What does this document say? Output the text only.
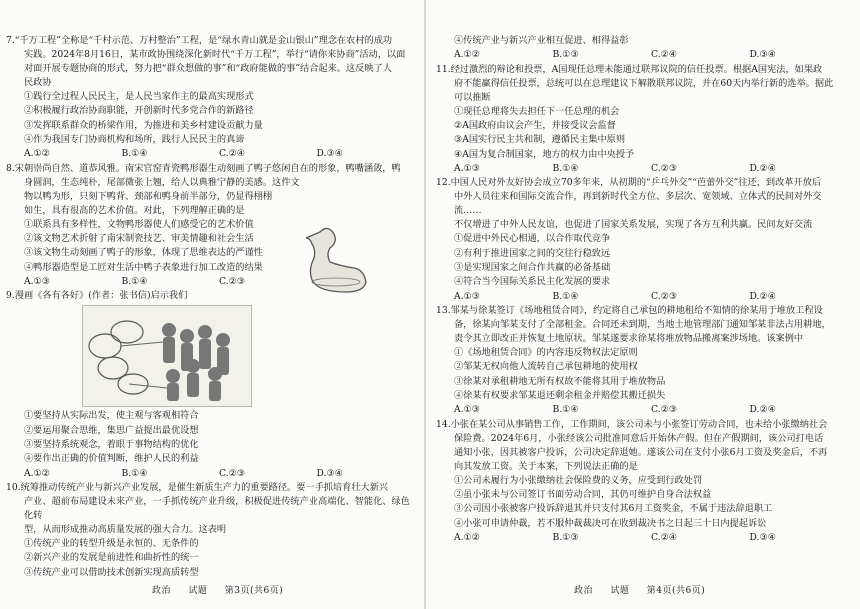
7.“千万工程”全称是“千村示范、万村整治”工程，是“绿水青山就是金山银山”理念在农村的成功

实践。2024年8月16日，某市政协围绕深化新时代“千万工程”，举行“请你来协商”活动，以面

对面开展专题协商的形式，努力把“群众想做的事”和“政府能做的事”结合起来。这反映了人

民政协

①践行全过程人民民主，是人民当家作主的最高实现形式
②积极履行政治协商职能，开创新时代多党合作的新路径
③发挥联系群众的桥梁作用，为推进和美乡村建设贡献力量
④作为我国专门协商机构和场所，践行人民民主的真谛
A.①②	B.①④	C.②④	D.③④

8.宋朝崇尚自然、道恭风雅。南宋官窑青瓷鸭形器生动刻画了鸭子悠闲自在的形象，鸭嘴涵敛，鸭

身圆润，生态纯朴，尾部微张上翘，给人以典雅宁静的美感。这件文物以鸭为形，只刻下鸭背、颈部和鸭身前半部分，仍显得栩栩

如生，具有很高的艺术价值。对此，下列理解正确的是

①联系具有多样性，文物鸭形器使人们感受它的艺术价值
②该文物艺术折射了南宋制瓷技艺、审美情趣和社会生活
③该文物生动刻画了鸭子的形象，体现了思维表达的严谨性
④鸭形器造型是工匠对生活中鸭子表象进行加工改造的结果
A.①③	B.①④	C.②③

9.漫画《各有各好》(作者：张书信)启示我们

①要坚持从实际出发，使主观与客观相符合
②要运用聚合思维，集思广益提出最优设想
③要坚持系统观念，着眼于事物结构的优化
④要作出正确的价值判断，维护人民的利益
A.①②	B.①④	C.②③	D.③④

10.统筹推动传统产业与新兴产业发展，是催生新质生产力的重要路径。要一手抓培育壮大新兴

产业、超前布局建设未来产业，一手抓传统产业升级，积极促进传统产业高端化、智能化、绿色化转

型，从而形成推动高质量发展的强大合力。这表明

①传统产业的转型升级是永恒的、无条件的
②新兴产业的发展是前进性和曲折性的统一
③传统产业可以借助技术创新实现高质转型
政治 试题 第3页(共6页)
④传统产业与新兴产业相互促进、相得益彰
A.①②	B.①③	C.②④	D.③④

11.经过激烈的辩论和投票，A国现任总理未能通过联邦议院的信任投票。根据A国宪法，如果政

府不能赢得信任投票，总统可以在总理建议下解散联邦议院，并在60天内举行新的选举。据此

可以推断

①现任总理将失去担任下一任总理的机会
②A国政府由议会产生，并接受议会监督
③A国实行民主共和制，遵循民主集中原则
④A国为复合制国家，地方的权力由中央授予
A.①③	B.①④	C.②③	D.②④

12.中国人民对外友好协会成立70多年来，从初期的“乒乓外交”“芭蕾外交”往还，到改革开放后

中外人员往来和国际交流合作，再到新时代全方位、多层次、宽领域、立体式的民间对外交流……

不仅增进了中外人民友谊，也促进了国家关系发展，实现了各方互利共赢。民间友好交流

①促进中外民心相通，以合作取代竞争
②有利于推进国家之间的交往行稳致远
③是实现国家之间合作共赢的必备基础
④符合当今国际关系民主化发展的要求
A.①③	B.①④	C.②③	D.②④

13.邹某与徐某签订《场地租赁合同》，约定将自己承包的耕地租给不知情的徐某用于堆放工程设

备，徐某向邹某支付了全部租金。合同还未到期，当地土地管理部门通知邹某非法占用耕地，

责令其立即改正并恢复土地原状。邹某遂要求徐某将堆放物品搬离案涉场地。该案例中

①《场地租赁合同》的内容违反物权法定原则
②邹某无权向他人流转自己承包耕地的使用权
③徐某对承租耕地无所有权故不能将其用于堆放物品
④徐某有权要求邹某退还剩余租金并赔偿其搬迁损失
A.①③	B.①④	C.②③	D.②④

14.小张在某公司从事销售工作，工作期间，该公司未与小张签订劳动合同，也未给小张缴纳社会

保险费。2024年6月，小张经该公司批准同意后开始休产假。但在产假期间，该公司打电话

通知小张，因其被客户投诉，公司决定辞退她。遂该公司在支付小张6月工资及奖金后，不再

向其发放工资。关于本案，下列说法正确的是

①公司未履行为小张缴纳社会保险费的义务，应受到行政处罚
②虽小张未与公司签订书面劳动合同，其仍可维护自身合法权益
③公司因小张被客户投诉辞退其并只支付其6月工资奖金，不属于违法辞退职工
④小张可申请仲裁，若不服仲裁裁决可在收到裁决书之日起三十日内提起诉讼
A.①②	B.①③	C.②④	D.③④
政治 试题 第4页(共6页)
